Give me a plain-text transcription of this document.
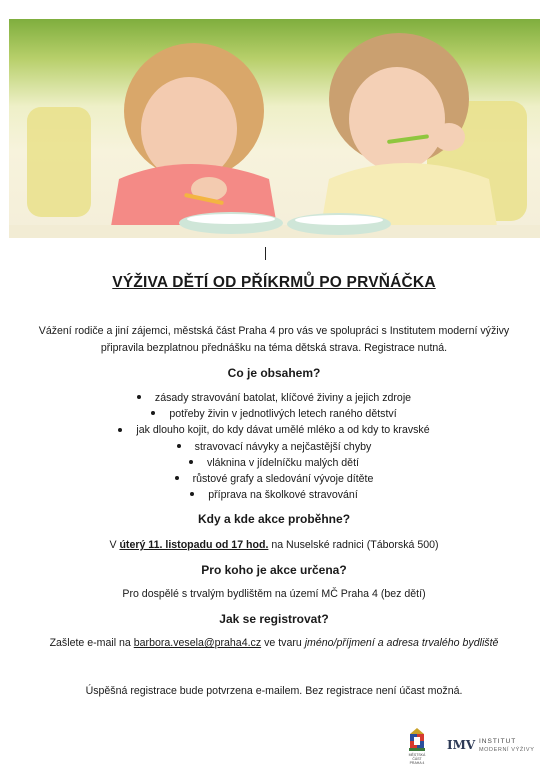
VÝŽIVA DĚTÍ OD PŘÍKRMŮ PO PRVŇÁČKA
Vážení rodiče a jiní zájemci, městská část Praha 4 pro vás ve spolupráci s Institutem moderní výživy
připravila bezplatnou přednášku na téma dětská strava. Registrace nutná.
Co je obsahem?
zásady stravování batolat, klíčové živiny a jejich zdroje
potřeby živin v jednotlivých letech raného dětství
jak dlouho kojit, do kdy dávat umělé mléko a od kdy to kravské
stravovací návyky a nejčastější chyby
vláknina v jídelníčku malých dětí
růstové grafy a sledování vývoje dítěte
příprava na školkové stravování
Kdy a kde akce proběhne?
V úterý 11. listopadu od 17 hod. na Nuselské radnici (Táborská 500)
Pro koho je akce určena?
Pro dospělé s trvalým bydlištěm na území MČ Praha 4 (bez dětí)
Jak se registrovat?
Zašlete e-mail na barbora.vesela@praha4.cz ve tvaru jméno/příjmení a adresa trvalého bydliště
Úspěšná registrace bude potvrzena e-mailem. Bez registrace není účast možná.
MĚSTSKÁ ČÁST PRAHA 4
IMV INSTITUT
MODERNÍ VÝŽIVY
